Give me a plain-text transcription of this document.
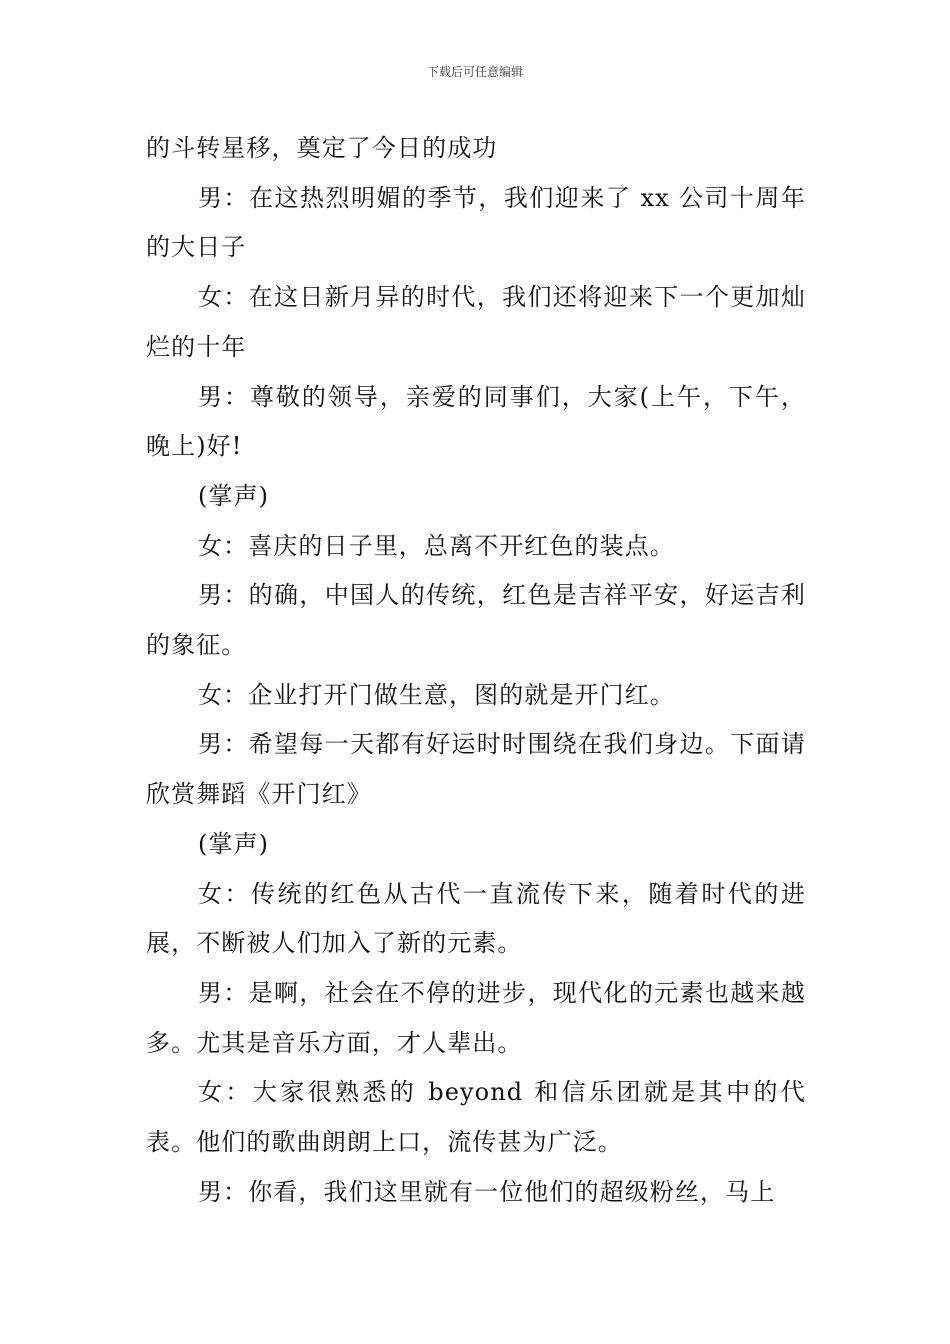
下载后可任意编辑

的斗转星移，奠定了今日的成功

男：在这热烈明媚的季节，我们迎来了 xx 公司十周年的大日子

女：在这日新月异的时代，我们还将迎来下一个更加灿烂的十年

男：尊敬的领导，亲爱的同事们，大家(上午，下午，晚上)好!

(掌声)

女：喜庆的日子里，总离不开红色的装点。

男：的确，中国人的传统，红色是吉祥平安，好运吉利的象征。

女：企业打开门做生意，图的就是开门红。

男：希望每一天都有好运时时围绕在我们身边。下面请欣赏舞蹈《开门红》

(掌声)

女：传统的红色从古代一直流传下来，随着时代的进展，不断被人们加入了新的元素。

男：是啊，社会在不停的进步，现代化的元素也越来越多。尤其是音乐方面，才人辈出。

女：大家很熟悉的 beyond 和信乐团就是其中的代表。他们的歌曲朗朗上口，流传甚为广泛。

男：你看，我们这里就有一位他们的超级粉丝，马上
